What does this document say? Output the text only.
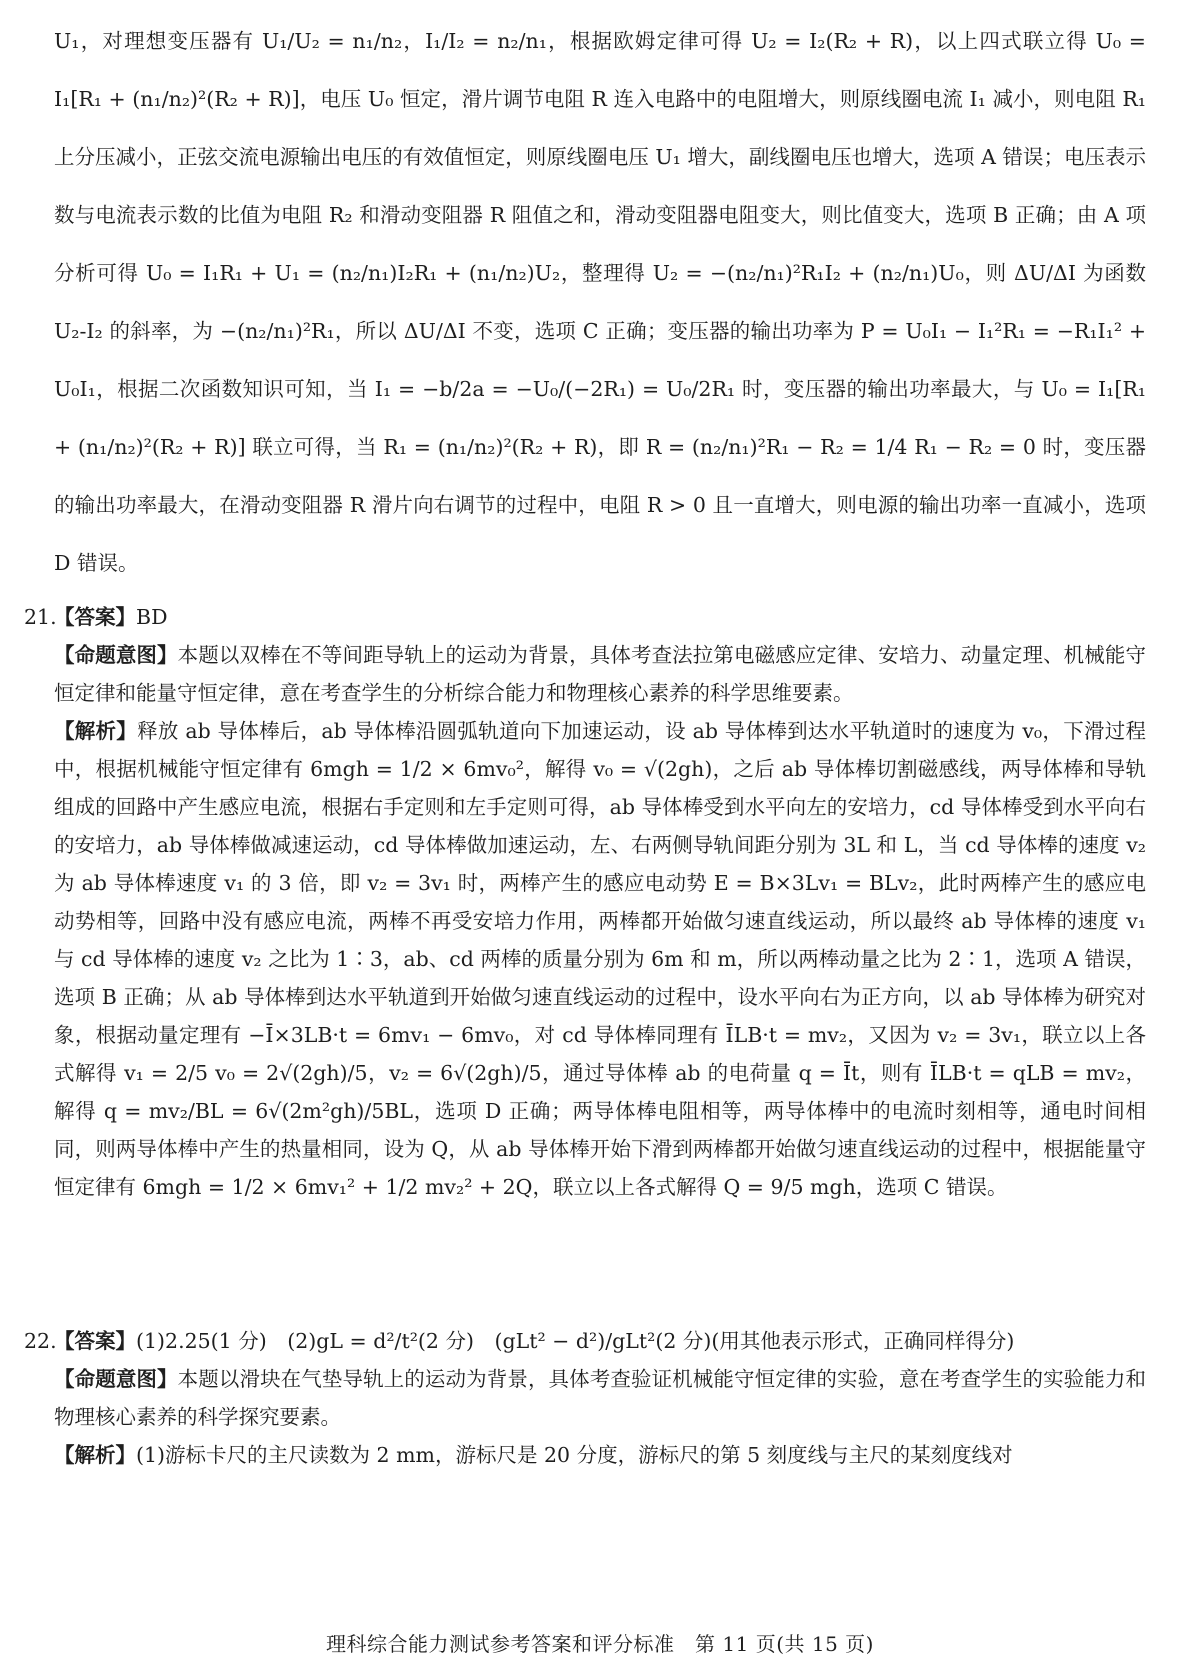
U₁，对理想变压器有 U₁/U₂ = n₁/n₂，I₁/I₂ = n₂/n₁，根据欧姆定律可得 U₂ = I₂(R₂ + R)，以上四式联立得 U₀ = I₁[R₁ + (n₁/n₂)²(R₂ + R)]，电压 U₀ 恒定，滑片调节电阻 R 连入电路中的电阻增大，则原线圈电流 I₁ 减小，则电阻 R₁ 上分压减小，正弦交流电源输出电压的有效值恒定，则原线圈电压 U₁ 增大，副线圈电压也增大，选项 A 错误；电压表示数与电流表示数的比值为电阻 R₂ 和滑动变阻器 R 阻值之和，滑动变阻器电阻变大，则比值变大，选项 B 正确；由 A 项分析可得 U₀ = I₁R₁ + U₁ = (n₂/n₁)I₂R₁ + (n₁/n₂)U₂，整理得 U₂ = −(n₂/n₁)²R₁I₂ + (n₂/n₁)U₀，则 ΔU/ΔI 为函数 U₂-I₂ 的斜率，为 −(n₂/n₁)²R₁，所以 ΔU/ΔI 不变，选项 C 正确；变压器的输出功率为 P = U₀I₁ − I₁²R₁ = −R₁I₁² + U₀I₁，根据二次函数知识可知，当 I₁ = −b/2a = −U₀/(−2R₁) = U₀/2R₁ 时，变压器的输出功率最大，与 U₀ = I₁[R₁ + (n₁/n₂)²(R₂ + R)] 联立可得，当 R₁ = (n₁/n₂)²(R₂ + R)，即 R = (n₂/n₁)²R₁ − R₂ = 1/4 R₁ − R₂ = 0 时，变压器的输出功率最大，在滑动变阻器 R 滑片向右调节的过程中，电阻 R > 0 且一直增大，则电源的输出功率一直减小，选项 D 错误。

21.【答案】BD

【命题意图】本题以双棒在不等间距导轨上的运动为背景，具体考查法拉第电磁感应定律、安培力、动量定理、机械能守恒定律和能量守恒定律，意在考查学生的分析综合能力和物理核心素养的科学思维要素。

【解析】释放 ab 导体棒后，ab 导体棒沿圆弧轨道向下加速运动，设 ab 导体棒到达水平轨道时的速度为 v₀，下滑过程中，根据机械能守恒定律有 6mgh = 1/2 × 6mv₀²，解得 v₀ = √(2gh)，之后 ab 导体棒切割磁感线，两导体棒和导轨组成的回路中产生感应电流，根据右手定则和左手定则可得，ab 导体棒受到水平向左的安培力，cd 导体棒受到水平向右的安培力，ab 导体棒做减速运动，cd 导体棒做加速运动，左、右两侧导轨间距分别为 3L 和 L，当 cd 导体棒的速度 v₂ 为 ab 导体棒速度 v₁ 的 3 倍，即 v₂ = 3v₁ 时，两棒产生的感应电动势 E = B×3Lv₁ = BLv₂，此时两棒产生的感应电动势相等，回路中没有感应电流，两棒不再受安培力作用，两棒都开始做匀速直线运动，所以最终 ab 导体棒的速度 v₁ 与 cd 导体棒的速度 v₂ 之比为 1∶3，ab、cd 两棒的质量分别为 6m 和 m，所以两棒动量之比为 2∶1，选项 A 错误，选项 B 正确；从 ab 导体棒到达水平轨道到开始做匀速直线运动的过程中，设水平向右为正方向，以 ab 导体棒为研究对象，根据动量定理有 −Ī×3LB·t = 6mv₁ − 6mv₀，对 cd 导体棒同理有 ĪLB·t = mv₂，又因为 v₂ = 3v₁，联立以上各式解得 v₁ = 2/5 v₀ = 2√(2gh)/5，v₂ = 6√(2gh)/5，通过导体棒 ab 的电荷量 q = Īt，则有 ĪLB·t = qLB = mv₂，解得 q = mv₂/BL = 6√(2m²gh)/5BL，选项 D 正确；两导体棒电阻相等，两导体棒中的电流时刻相等，通电时间相同，则两导体棒中产生的热量相同，设为 Q，从 ab 导体棒开始下滑到两棒都开始做匀速直线运动的过程中，根据能量守恒定律有 6mgh = 1/2 × 6mv₁² + 1/2 mv₂² + 2Q，联立以上各式解得 Q = 9/5 mgh，选项 C 错误。

22.【答案】(1)2.25(1 分)　(2)gL = d²/t²(2 分)　(gLt² − d²)/gLt²(2 分)(用其他表示形式，正确同样得分)

【命题意图】本题以滑块在气垫导轨上的运动为背景，具体考查验证机械能守恒定律的实验，意在考查学生的实验能力和物理核心素养的科学探究要素。

【解析】(1)游标卡尺的主尺读数为 2 mm，游标尺是 20 分度，游标尺的第 5 刻度线与主尺的某刻度线对

理科综合能力测试参考答案和评分标准　第 11 页(共 15 页)
